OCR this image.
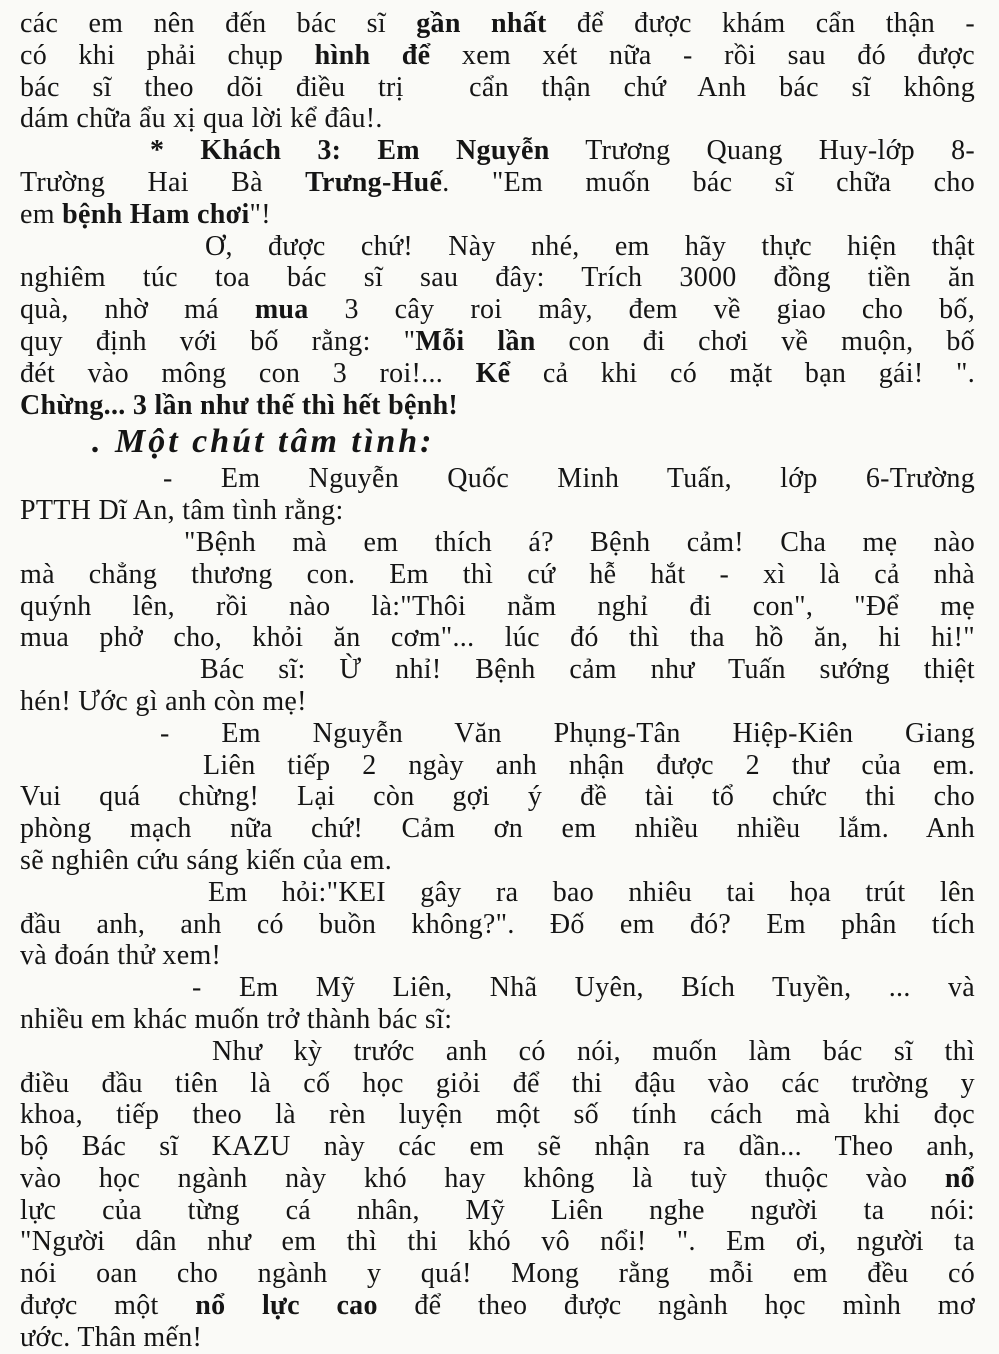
các em nên đến bác sĩ gần nhất để được khám cẩn thận -
có khi phải chụp hình để xem xét nữa - rồi sau đó được
bác sĩ theo dõi điều trị  cẩn thận chứ Anh bác sĩ không
dám chữa ẩu xị qua lời kể đâu!.
* Khách 3: Em Nguyễn Trương Quang Huy-lớp 8-
Trường Hai Bà Trưng-Huế. "Em muốn bác sĩ chữa cho
em bệnh Ham chơi"!
Ơ, được chứ! Này nhé, em hãy thực hiện thật
nghiêm túc toa bác sĩ sau đây: Trích 3000 đồng tiền ăn
quà, nhờ má mua 3 cây roi mây, đem về giao cho bố,
quy định với bố rằng: "Mỗi lần con đi chơi về muộn, bố
đét vào mông con 3 roi!... Kể cả khi có mặt bạn gái! ".
Chừng... 3 lần như thế thì hết bệnh!
. Một chút tâm tình:
- Em Nguyễn Quốc Minh Tuấn, lớp 6-Trường
PTTH Dĩ An, tâm tình rằng:
"Bệnh mà em thích á? Bệnh cảm! Cha mẹ nào
mà chẳng thương con. Em thì cứ hễ hắt - xì là cả nhà
quýnh lên, rồi nào là:"Thôi nằm nghỉ đi con", "Để mẹ
mua phở cho, khỏi ăn cơm"... lúc đó thì tha hồ ăn, hi hi!"
Bác sĩ: Ừ nhỉ! Bệnh cảm như Tuấn sướng thiệt
hén! Ước gì anh còn mẹ!
- Em Nguyễn Văn Phụng-Tân Hiệp-Kiên Giang
Liên tiếp 2 ngày anh nhận được 2 thư của em.
Vui quá chừng! Lại còn gợi ý đề tài tổ chức thi cho
phòng mạch nữa chứ! Cảm ơn em nhiều nhiều lắm. Anh
sẽ nghiên cứu sáng kiến của em.
Em hỏi:"KEI gây ra bao nhiêu tai họa trút lên
đầu anh, anh có buồn không?". Đố em đó? Em phân tích
và đoán thử xem!
- Em Mỹ Liên, Nhã Uyên, Bích Tuyền, ... và
nhiều em khác muốn trở thành bác sĩ:
Như kỳ trước anh có nói, muốn làm bác sĩ thì
điều đầu tiên là cố học giỏi để thi đậu vào các trường y
khoa, tiếp theo là rèn luyện một số tính cách mà khi đọc
bộ Bác sĩ KAZU này các em sẽ nhận ra dần... Theo anh,
vào học ngành này khó hay không là tuỳ thuộc vào nổ
lực của từng cá nhân, Mỹ Liên nghe người ta nói:
"Người dân như em thì thi khó vô nổi! ". Em ơi, người ta
nói oan cho ngành y quá! Mong rằng mỗi em đều có
được một nổ lực cao để theo được ngành học mình mơ
ước. Thân mến!
